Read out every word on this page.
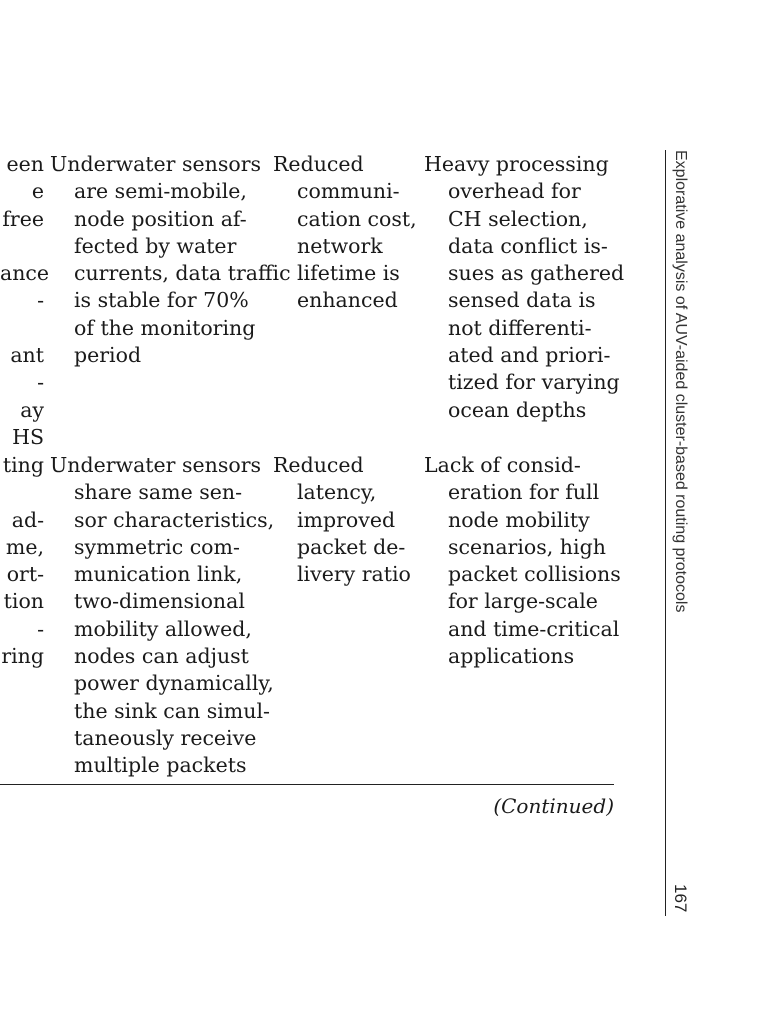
een
e
free

ance
-

ant
-
ay
HS
Underwater sensors
are semi-mobile,
node position af-
fected by water
currents, data traffic
is stable for 70%
of the monitoring
period
Reduced
communi-
cation cost,
network
lifetime is
enhanced
Heavy processing
overhead for
CH selection,
data conflict is-
sues as gathered
sensed data is
not differenti-
ated and priori-
tized for varying
ocean depths
ting

ad-
me,
ort-
tion
-
ring
Underwater sensors
share same sen-
sor characteristics,
symmetric com-
munication link,
two-dimensional
mobility allowed,
nodes can adjust
power dynamically,
the sink can simul-
taneously receive
multiple packets
Reduced
latency,
improved
packet de-
livery ratio
Lack of consid-
eration for full
node mobility
scenarios, high
packet collisions
for large-scale
and time-critical
applications
(Continued)
Explorative analysis of AUV-aided cluster-based routing protocols
167
